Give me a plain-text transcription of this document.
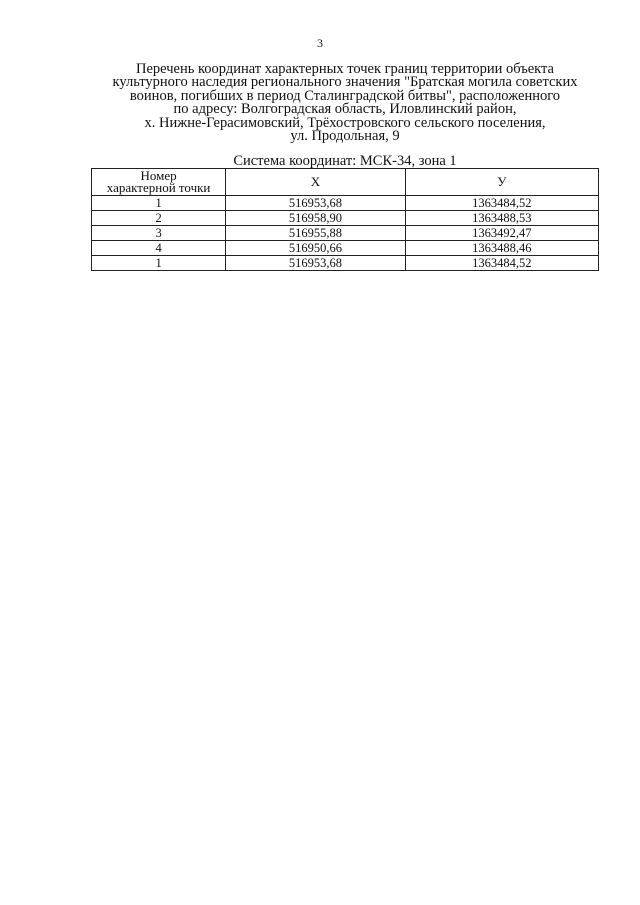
3
Перечень координат характерных точек границ территории объекта
культурного наследия регионального значения "Братская могила советских
воинов, погибших в период Сталинградской битвы", расположенного
по адресу: Волгоградская область, Иловлинский район,
х. Нижне-Герасимовский, Трёхостровского сельского поселения,
ул. Продольная, 9
Система координат: МСК-34, зона 1
Номер
характерной точки	X	У
1	516953,68	1363484,52
2	516958,90	1363488,53
3	516955,88	1363492,47
4	516950,66	1363488,46
1	516953,68	1363484,52
